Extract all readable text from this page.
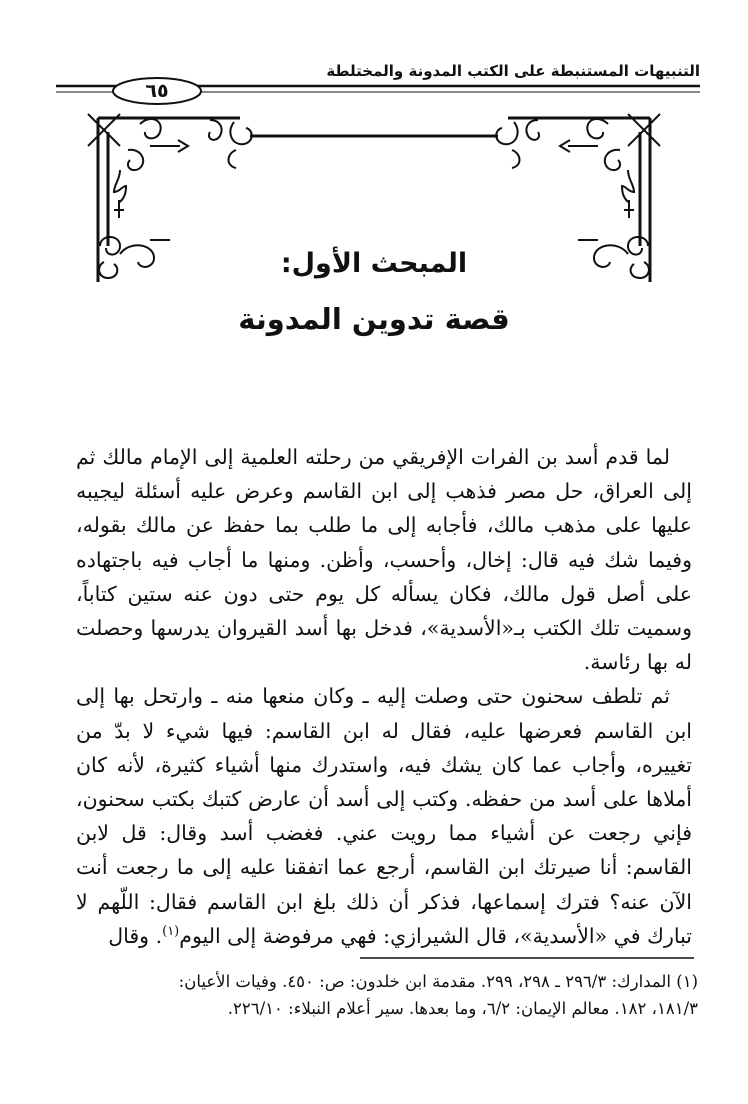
التنبيهات المستنبطة على الكتب المدونة والمختلطة
٦٥
المبحث الأول:
قصة تدوين المدونة

لما قدم أسد بن الفرات الإفريقي من رحلته العلمية إلى الإمام مالك ثم إلى العراق، حل مصر فذهب إلى ابن القاسم وعرض عليه أسئلة ليجيبه عليها على مذهب مالك، فأجابه إلى ما طلب بما حفظ عن مالك بقوله، وفيما شك فيه قال: إخال، وأحسب، وأظن. ومنها ما أجاب فيه باجتهاده على أصل قول مالك، فكان يسأله كل يوم حتى دون عنه ستين كتاباً، وسميت تلك الكتب بـ«الأسدية»، فدخل بها أسد القيروان يدرسها وحصلت له بها رئاسة.

ثم تلطف سحنون حتى وصلت إليه ـ وكان منعها منه ـ وارتحل بها إلى ابن القاسم فعرضها عليه، فقال له ابن القاسم: فيها شيء لا بدّ من تغييره، وأجاب عما كان يشك فيه، واستدرك منها أشياء كثيرة، لأنه كان أملاها على أسد من حفظه. وكتب إلى أسد أن عارض كتبك بكتب سحنون، فإني رجعت عن أشياء مما رويت عني. فغضب أسد وقال: قل لابن القاسم: أنا صيرتك ابن القاسم، أرجع عما اتفقنا عليه إلى ما رجعت أنت الآن عنه؟ فترك إسماعها، فذكر أن ذلك بلغ ابن القاسم فقال: اللّهم لا تبارك في «الأسدية»، قال الشيرازي: فهي مرفوضة إلى اليوم$^{(١)}$. وقال

(١) المدارك: ٢٩٦/٣ ـ ٢٩٨، ٢٩٩. مقدمة ابن خلدون: ص: ٤٥٠. وفيات الأعيان:

١٨١/٣، ١٨٢. معالم الإيمان: ٦/٢، وما بعدها. سير أعلام النبلاء: ٢٢٦/١٠.
